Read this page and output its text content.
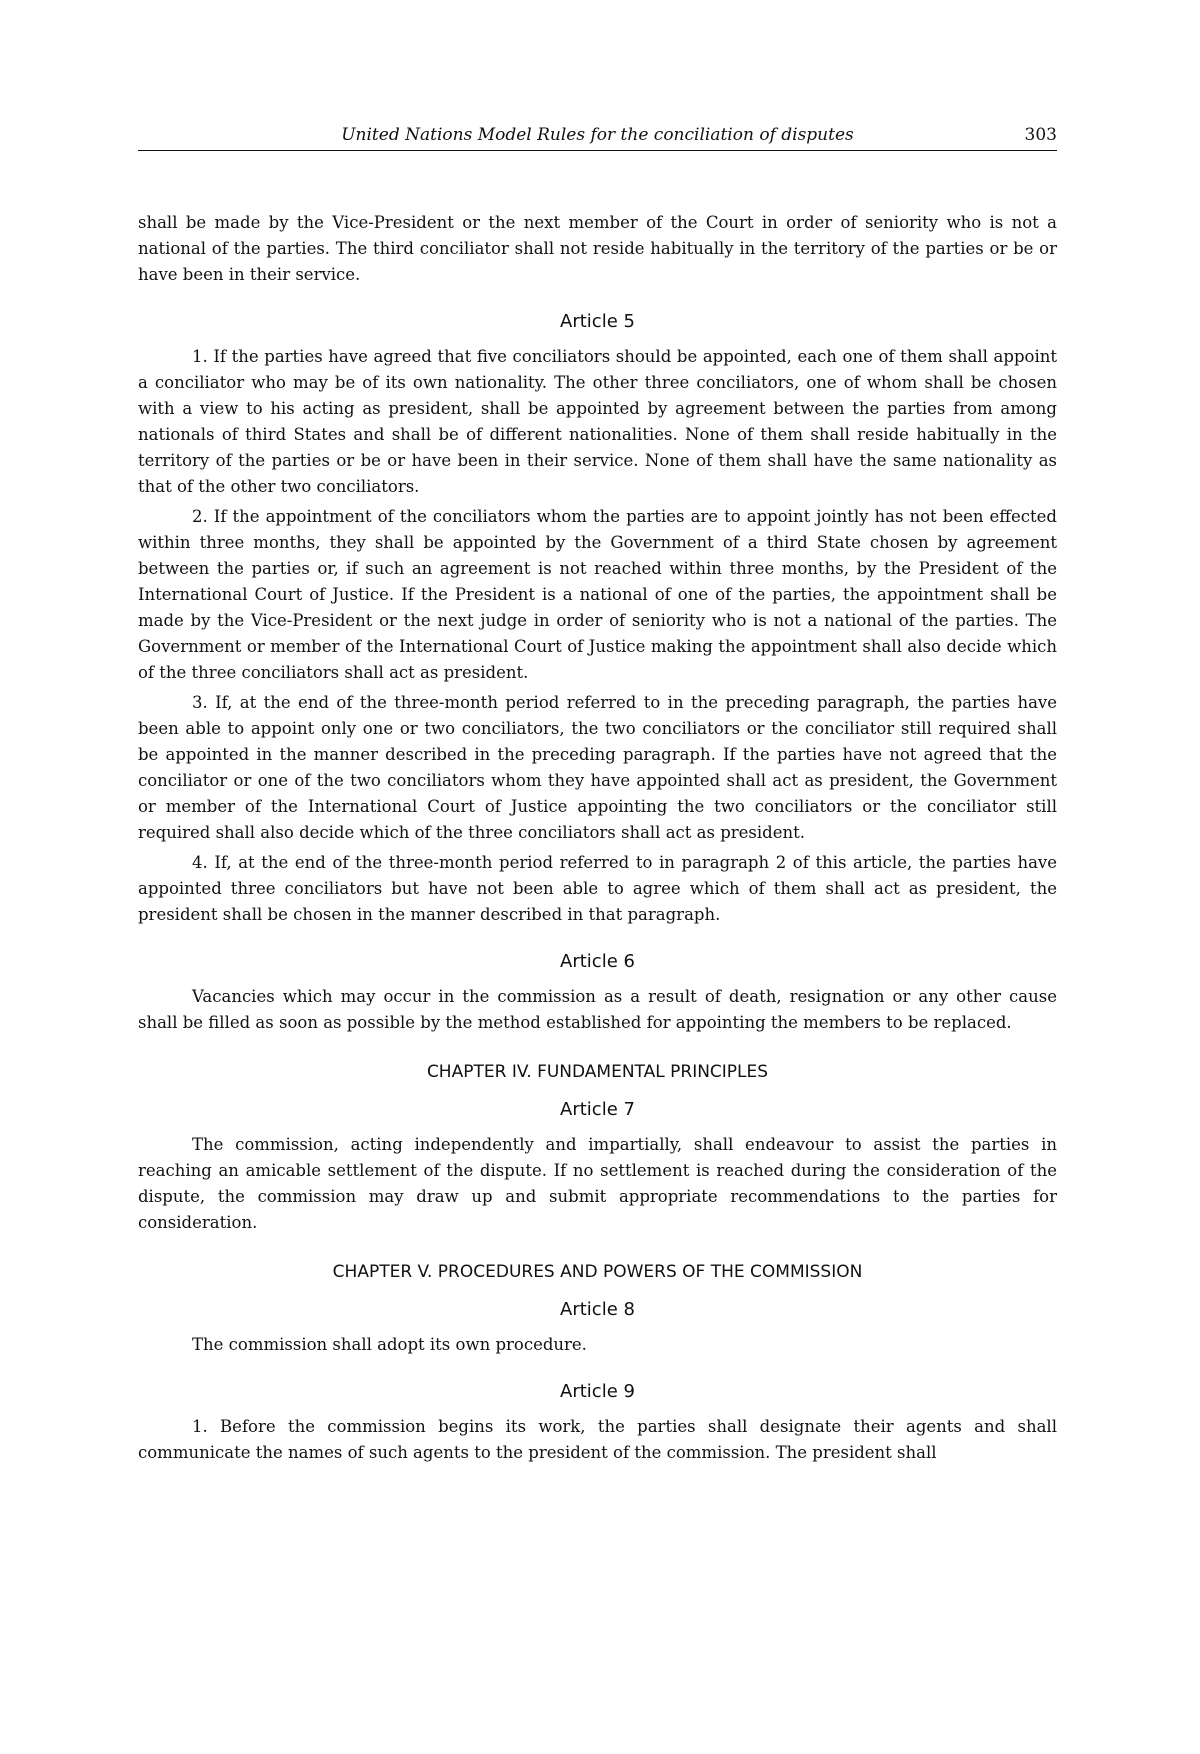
United Nations Model Rules for the conciliation of disputes	303

shall be made by the Vice-President or the next member of the Court in order of seniority who is not a national of the parties. The third conciliator shall not reside habitually in the territory of the parties or be or have been in their service.

Article 5

1. If the parties have agreed that five conciliators should be appointed, each one of them shall appoint a conciliator who may be of its own nationality. The other three conciliators, one of whom shall be chosen with a view to his acting as president, shall be appointed by agreement between the parties from among nationals of third States and shall be of different nationalities. None of them shall reside habitually in the territory of the parties or be or have been in their service. None of them shall have the same nationality as that of the other two conciliators.

2. If the appointment of the conciliators whom the parties are to appoint jointly has not been effected within three months, they shall be appointed by the Government of a third State chosen by agreement between the parties or, if such an agreement is not reached within three months, by the President of the International Court of Justice. If the President is a national of one of the parties, the appointment shall be made by the Vice-President or the next judge in order of seniority who is not a national of the parties. The Government or member of the International Court of Justice making the appointment shall also decide which of the three conciliators shall act as president.

3. If, at the end of the three-month period referred to in the preceding paragraph, the parties have been able to appoint only one or two conciliators, the two conciliators or the conciliator still required shall be appointed in the manner described in the preceding paragraph. If the parties have not agreed that the conciliator or one of the two conciliators whom they have appointed shall act as president, the Government or member of the International Court of Justice appointing the two conciliators or the conciliator still required shall also decide which of the three conciliators shall act as president.

4. If, at the end of the three-month period referred to in paragraph 2 of this article, the parties have appointed three conciliators but have not been able to agree which of them shall act as president, the president shall be chosen in the manner described in that paragraph.

Article 6

Vacancies which may occur in the commission as a result of death, resignation or any other cause shall be filled as soon as possible by the method established for appointing the members to be replaced.

CHAPTER IV. FUNDAMENTAL PRINCIPLES
Article 7

The commission, acting independently and impartially, shall endeavour to assist the parties in reaching an amicable settlement of the dispute. If no settlement is reached during the consideration of the dispute, the commission may draw up and submit appropriate recommendations to the parties for consideration.

CHAPTER V. PROCEDURES AND POWERS OF THE COMMISSION
Article 8

The commission shall adopt its own procedure.

Article 9

1. Before the commission begins its work, the parties shall designate their agents and shall communicate the names of such agents to the president of the commission. The president shall
